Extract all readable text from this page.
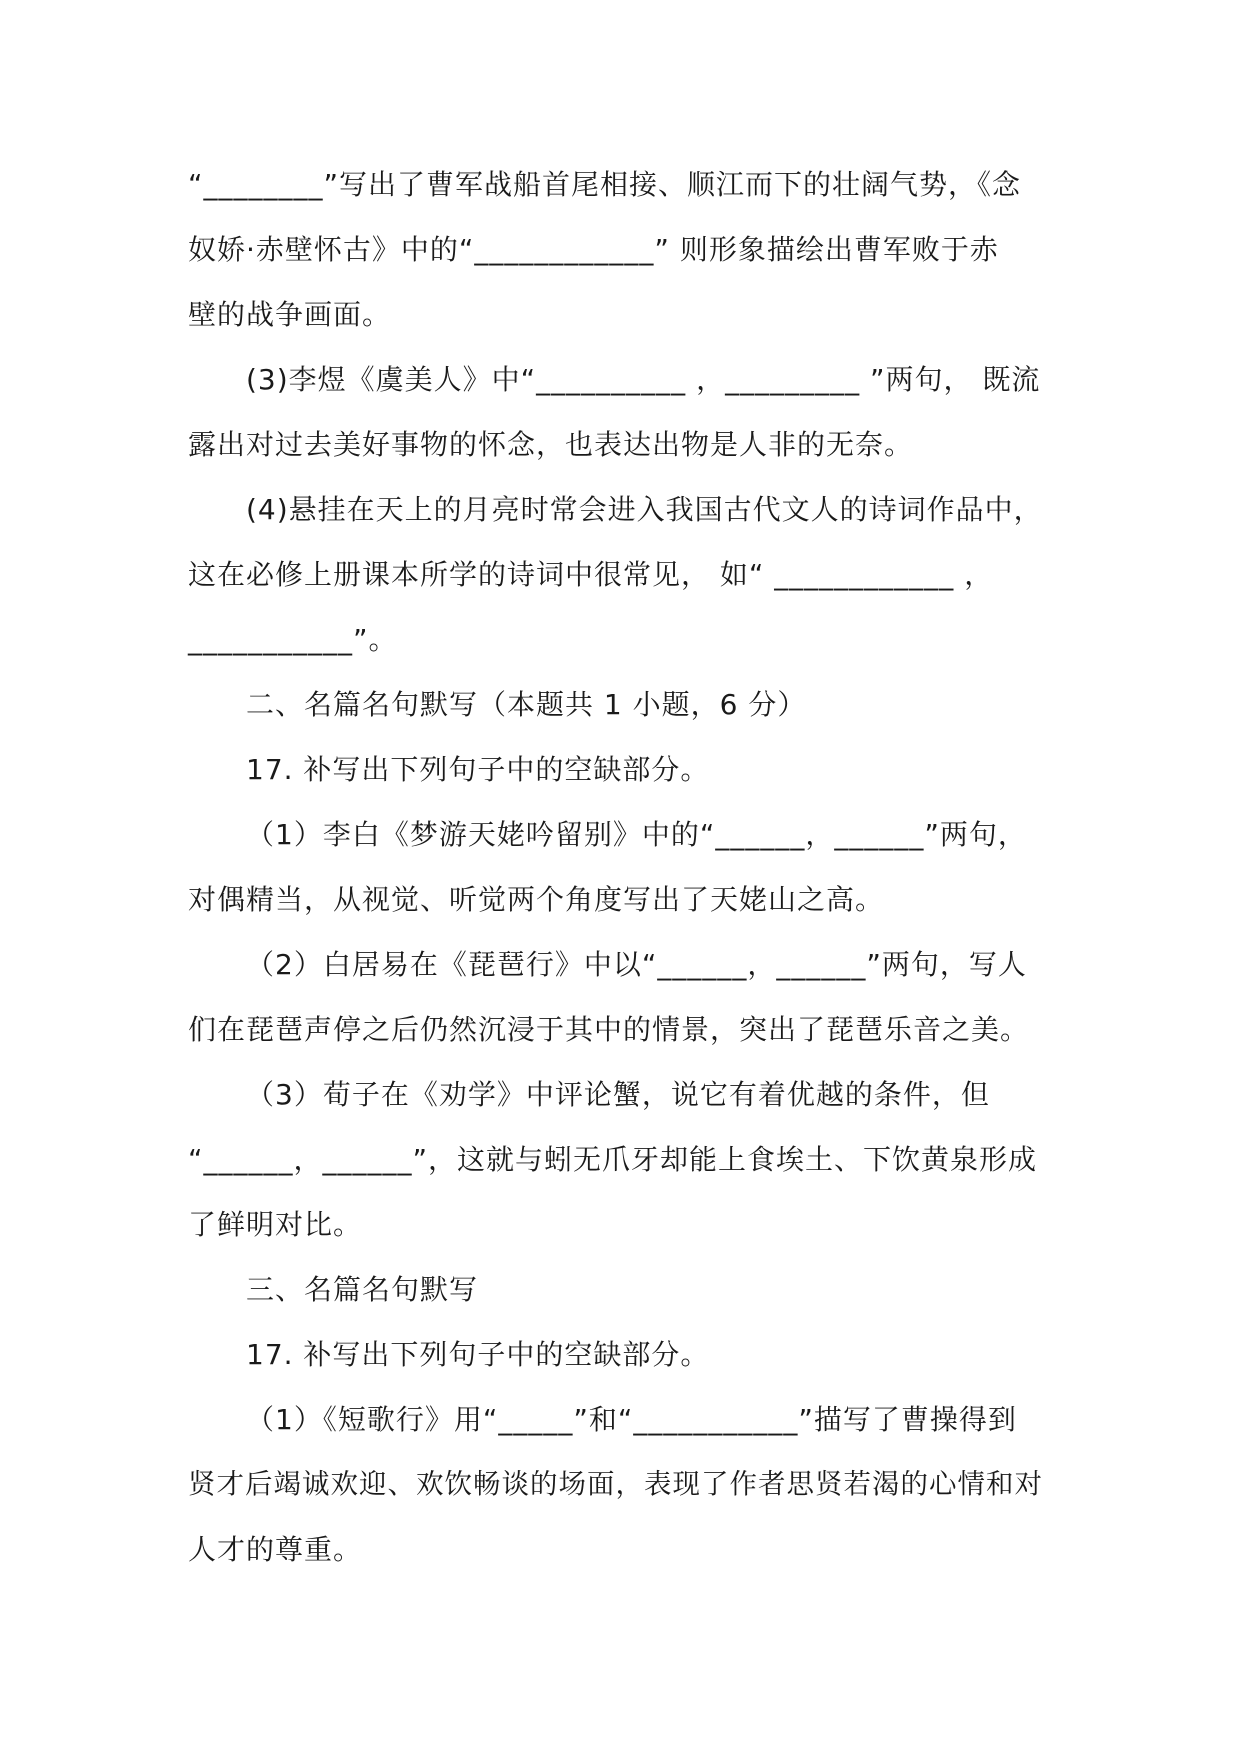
“________”写出了曹军战船首尾相接、顺江而下的壮阔气势，《念

奴娇·赤壁怀古》中的“____________” 则形象描绘出曹军败于赤

壁的战争画面。

(3)李煜《虞美人》中“__________ ，_________ ”两句， 既流

露出对过去美好事物的怀念，也表达出物是人非的无奈。

(4)悬挂在天上的月亮时常会进入我国古代文人的诗词作品中，

这在必修上册课本所学的诗词中很常见， 如“ ____________ ，

___________”。

二、名篇名句默写（本题共 1 小题，6 分）

17. 补写出下列句子中的空缺部分。

（1）李白《梦游天姥吟留别》中的“______，______”两句，

对偶精当，从视觉、听觉两个角度写出了天姥山之高。

（2）白居易在《琵琶行》中以“______，______”两句，写人

们在琵琶声停之后仍然沉浸于其中的情景，突出了琵琶乐音之美。

（3）荀子在《劝学》中评论蟹，说它有着优越的条件，但

“______，______”，这就与蚓无爪牙却能上食埃土、下饮黄泉形成

了鲜明对比。

三、名篇名句默写

17. 补写出下列句子中的空缺部分。

（1）《短歌行》用“_____”和“___________”描写了曹操得到

贤才后竭诚欢迎、欢饮畅谈的场面，表现了作者思贤若渴的心情和对

人才的尊重。
